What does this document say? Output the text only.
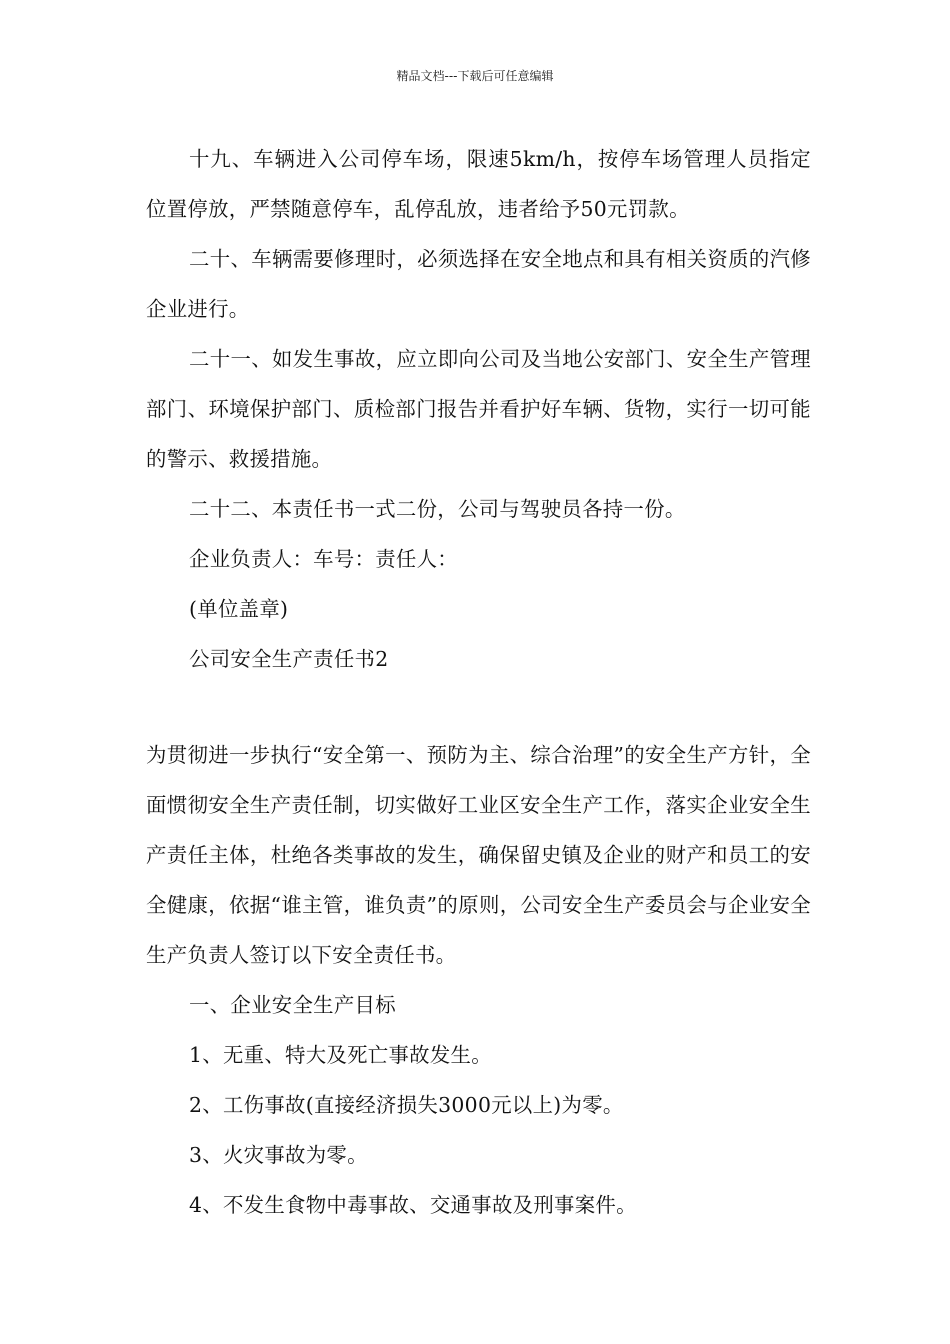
精品文档---下载后可任意编辑

十九、车辆进入公司停车场，限速5km/h，按停车场管理人员指定位置停放，严禁随意停车，乱停乱放，违者给予50元罚款。

二十、车辆需要修理时，必须选择在安全地点和具有相关资质的汽修企业进行。

二十一、如发生事故，应立即向公司及当地公安部门、安全生产管理部门、环境保护部门、质检部门报告并看护好车辆、货物，实行一切可能的警示、救援措施。

二十二、本责任书一式二份，公司与驾驶员各持一份。

企业负责人：车号：责任人：

(单位盖章)

公司安全生产责任书2

为贯彻进一步执行“安全第一、预防为主、综合治理”的安全生产方针，全面惯彻安全生产责任制，切实做好工业区安全生产工作，落实企业安全生产责任主体，杜绝各类事故的发生，确保留史镇及企业的财产和员工的安全健康，依据“谁主管，谁负责”的原则，公司安全生产委员会与企业安全生产负责人签订以下安全责任书。

一、企业安全生产目标

1、无重、特大及死亡事故发生。

2、工伤事故(直接经济损失3000元以上)为零。

3、火灾事故为零。

4、不发生食物中毒事故、交通事故及刑事案件。
